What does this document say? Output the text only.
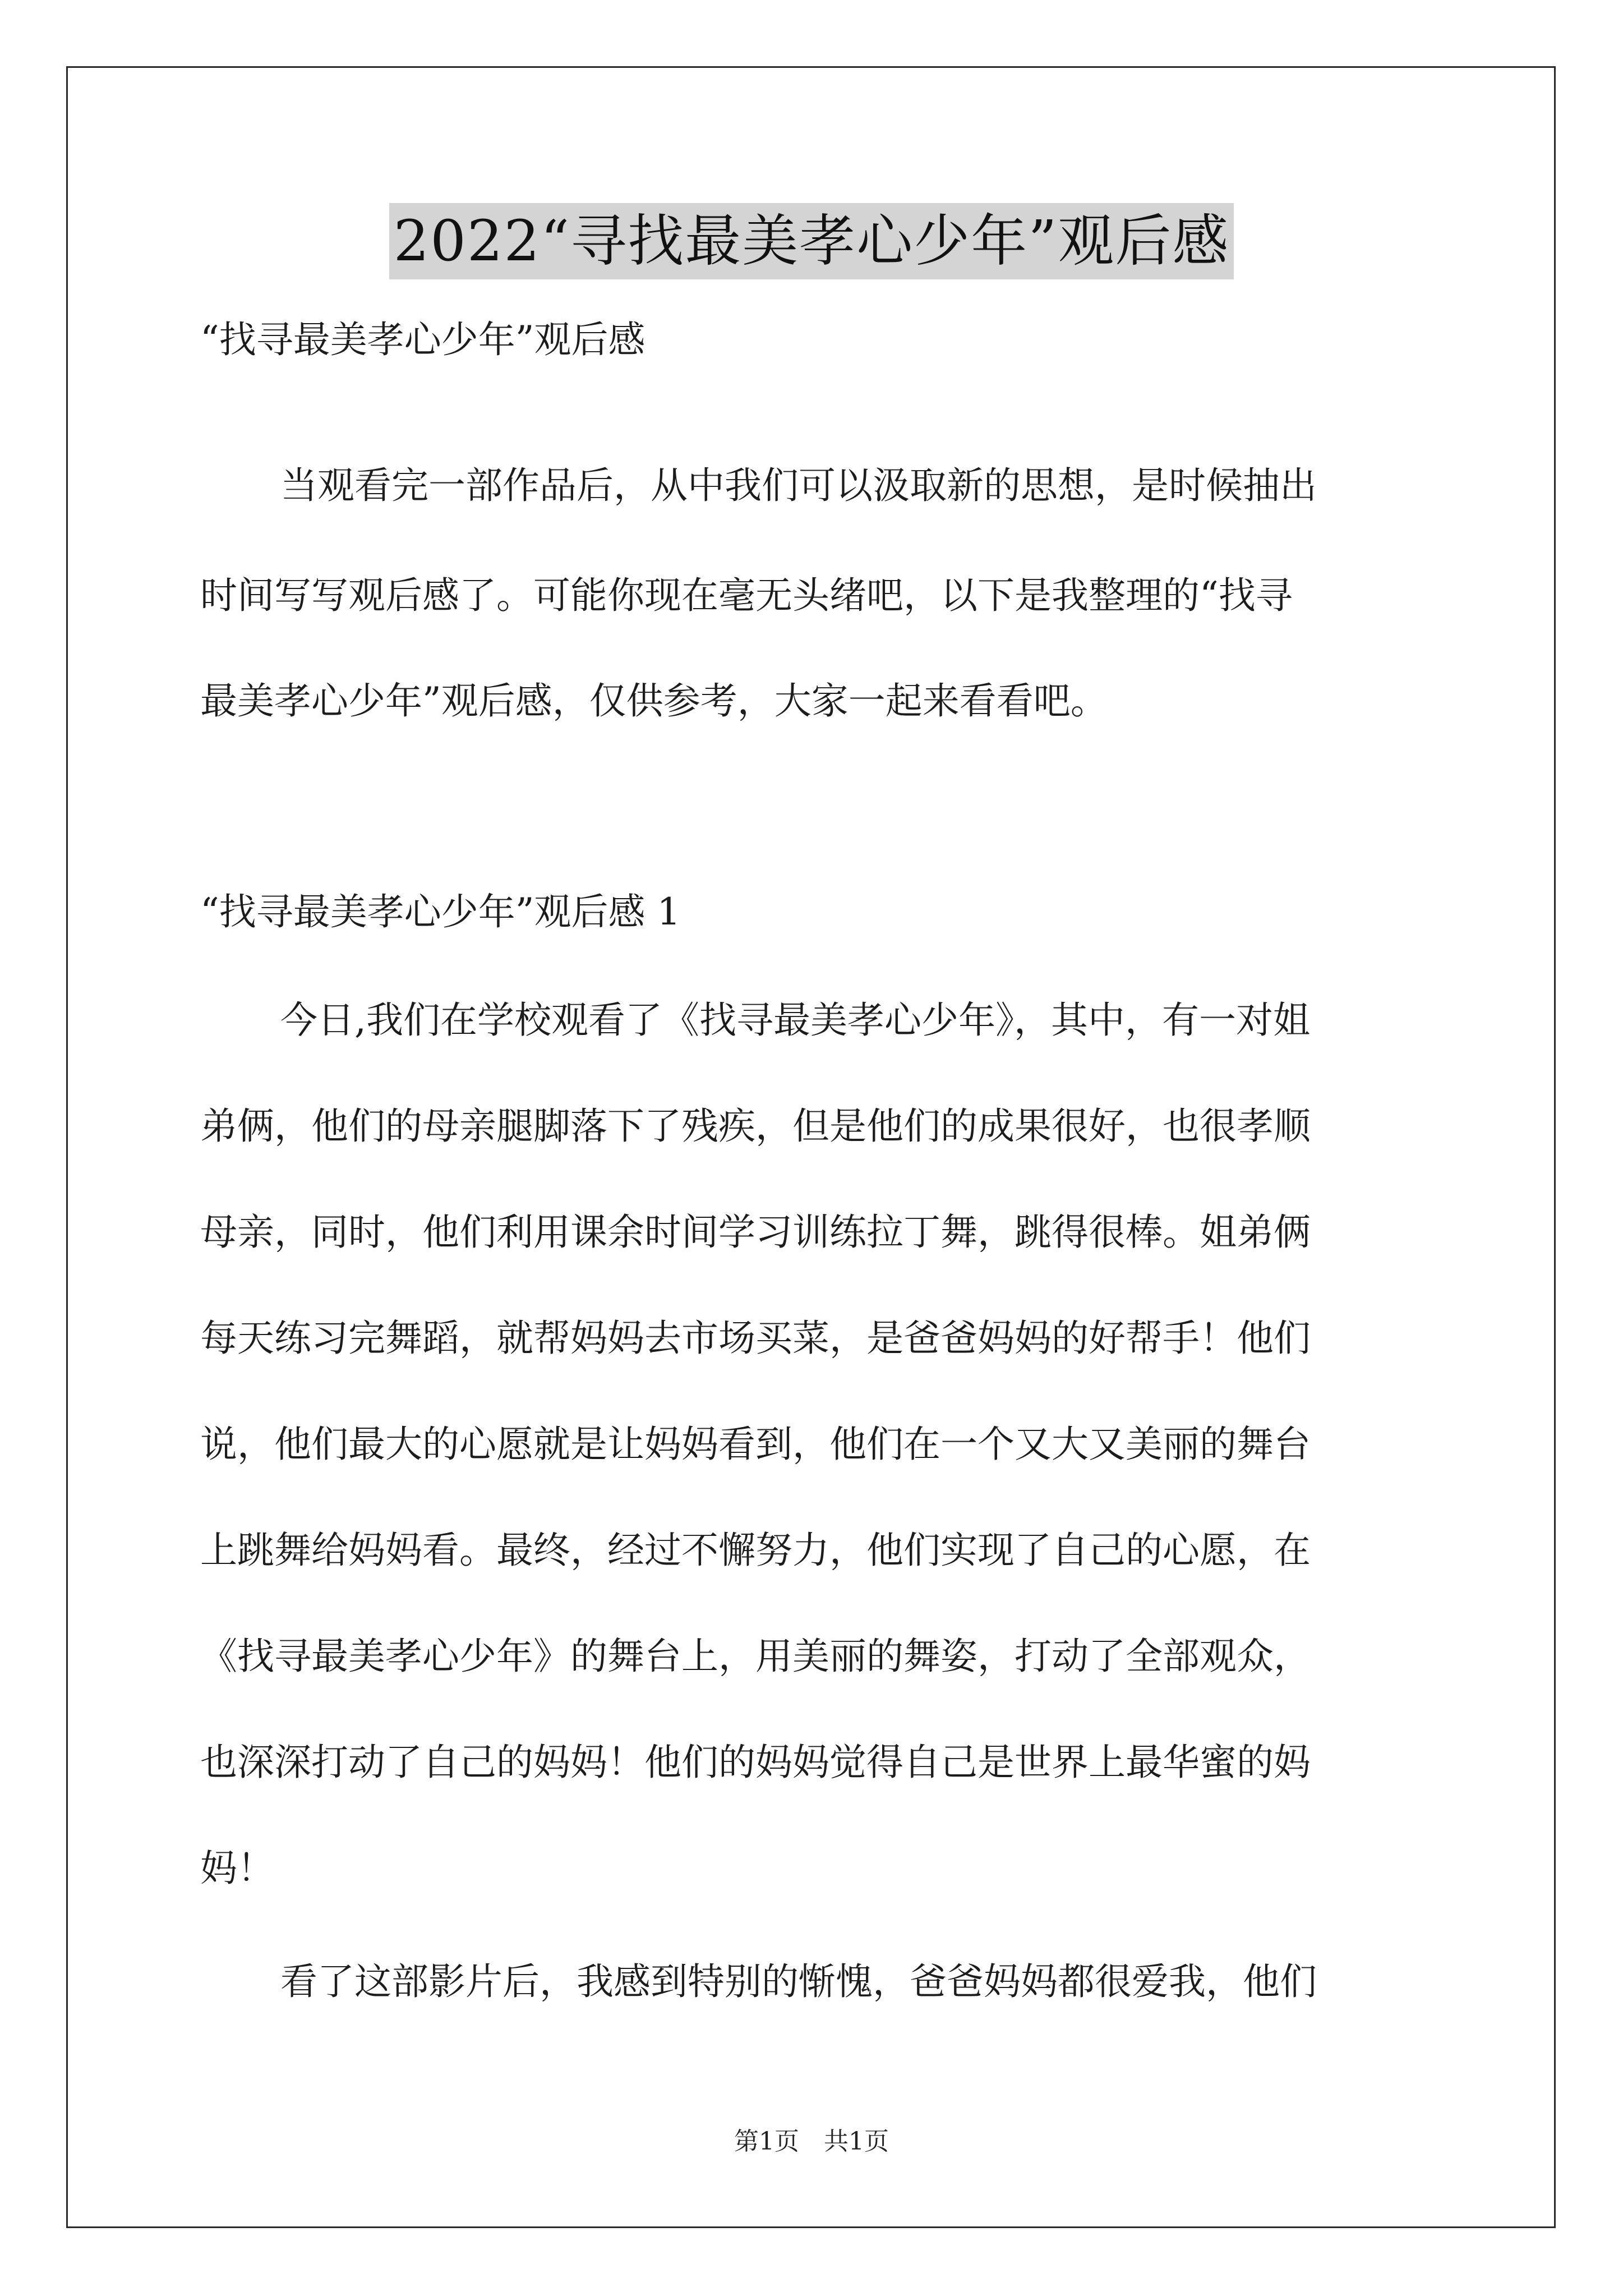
2022“寻找最美孝心少年”观后感
“找寻最美孝心少年”观后感
当观看完一部作品后，从中我们可以汲取新的思想，是时候抽出
时间写写观后感了。可能你现在毫无头绪吧，以下是我整理的“找寻
最美孝心少年”观后感，仅供参考，大家一起来看看吧。
“找寻最美孝心少年”观后感 1
今日,我们在学校观看了《找寻最美孝心少年》，其中，有一对姐
弟俩，他们的母亲腿脚落下了残疾，但是他们的成果很好，也很孝顺
母亲，同时，他们利用课余时间学习训练拉丁舞，跳得很棒。姐弟俩
每天练习完舞蹈，就帮妈妈去市场买菜，是爸爸妈妈的好帮手！他们
说，他们最大的心愿就是让妈妈看到，他们在一个又大又美丽的舞台
上跳舞给妈妈看。最终，经过不懈努力，他们实现了自己的心愿，在
《找寻最美孝心少年》的舞台上，用美丽的舞姿，打动了全部观众，
也深深打动了自己的妈妈！他们的妈妈觉得自己是世界上最华蜜的妈
妈！
看了这部影片后，我感到特别的惭愧，爸爸妈妈都很爱我，他们
第1页　共1页
